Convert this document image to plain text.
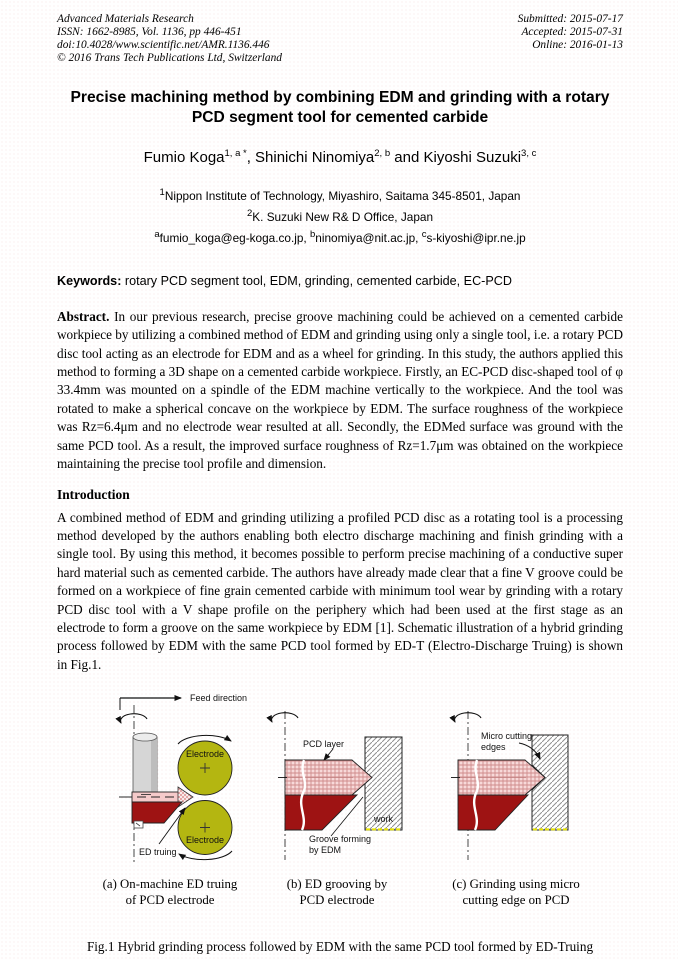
Advanced Materials Research
ISSN: 1662-8985, Vol. 1136, pp 446-451
doi:10.4028/www.scientific.net/AMR.1136.446
© 2016 Trans Tech Publications Ltd, Switzerland
Submitted: 2015-07-17
Accepted: 2015-07-31
Online: 2016-01-13
Precise machining method by combining EDM and grinding with a rotary
PCD segment tool for cemented carbide
Fumio Koga$^{1, a *}$, Shinichi Ninomiya$^{2, b}$ and Kiyoshi Suzuki$^{3, c}$
$^1$Nippon Institute of Technology, Miyashiro, Saitama 345-8501, Japan
$^2$K. Suzuki New R& D Office, Japan
$^a$fumio_koga@eg-koga.co.jp, $^b$ninomiya@nit.ac.jp, $^c$s-kiyoshi@ipr.ne.jp
Keywords: rotary PCD segment tool, EDM, grinding, cemented carbide, EC-PCD

Abstract. In our previous research, precise groove machining could be achieved on a cemented carbide workpiece by utilizing a combined method of EDM and grinding using only a single tool, i.e. a rotary PCD disc tool acting as an electrode for EDM and as a wheel for grinding. In this study, the authors applied this method to forming a 3D shape on a cemented carbide workpiece. Firstly, an EC-PCD disc-shaped tool of φ 33.4mm was mounted on a spindle of the EDM machine vertically to the workpiece. And the tool was rotated to make a spherical concave on the workpiece by EDM. The surface roughness of the workpiece was Rz=6.4μm and no electrode wear resulted at all. Secondly, the EDMed surface was ground with the same PCD tool. As a result, the improved surface roughness of Rz=1.7μm was obtained on the workpiece maintaining the precise tool profile and dimension.

Introduction

A combined method of EDM and grinding utilizing a profiled PCD disc as a rotating tool is a processing method developed by the authors enabling both electro discharge machining and finish grinding with a single tool. By using this method, it becomes possible to perform precise machining of a conductive super hard material such as cemented carbide. The authors have already made clear that a fine V groove could be formed on a workpiece of fine grain cemented carbide with minimum tool wear by grinding with a rotary PCD disc tool with a V shape profile on the periphery which had been used at the first stage as an electrode to form a groove on the same workpiece by EDM [1]. Schematic illustration of a hybrid grinding process followed by EDM with the same PCD tool formed by ED-T (Electro-Discharge Truing) is shown in Fig.1.

Feed direction
Electrode
Electrode
ED truing
PCD layer
work
Groove forming
by EDM
Micro cutting
edges
(a) On-machine ED truing
of PCD electrode
(b) ED grooving by
PCD electrode
(c) Grinding using micro
cutting edge on PCD
Fig.1 Hybrid grinding process followed by EDM with the same PCD tool formed by ED-Truing
